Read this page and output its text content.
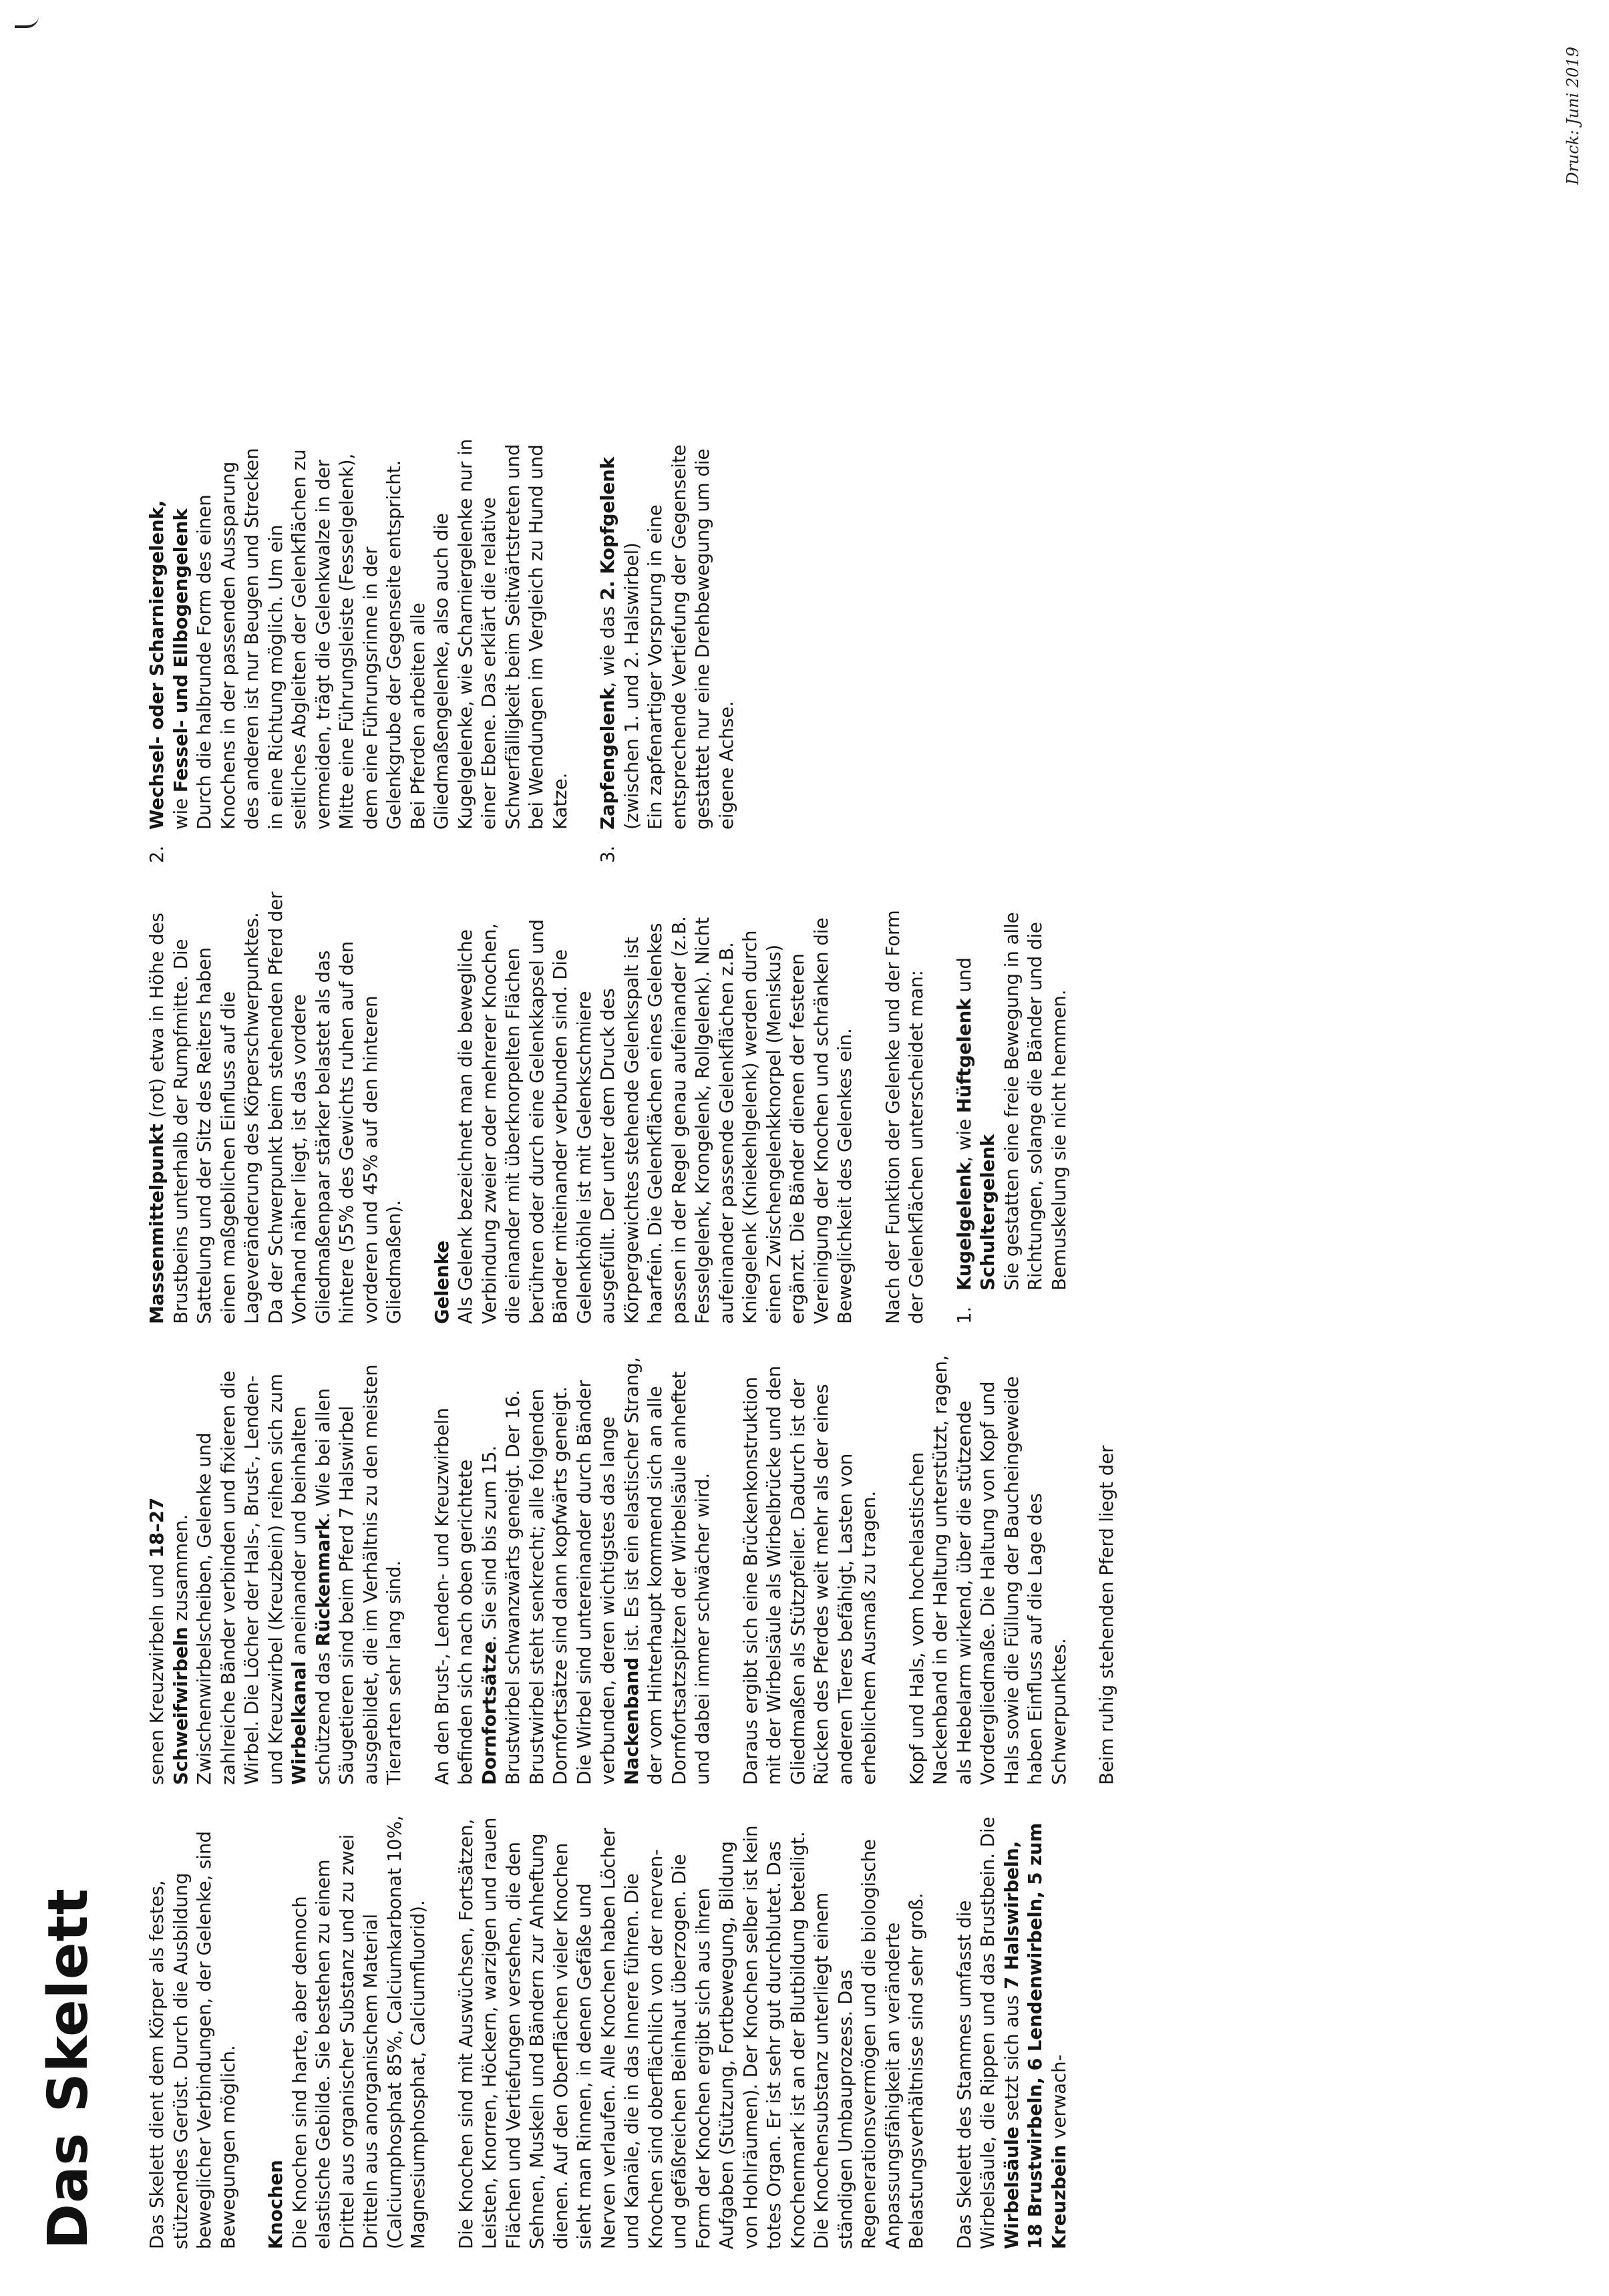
Das Skelett	Das Skelett dient dem Körper als festes, stützendes Gerüst. Durch die Ausbildung beweglicher Verbindungen, der Gelenke, sind Bewegungen möglich. Knochen Die Knochen sind harte, aber dennoch elastische Gebilde. Sie bestehen zu einem Drittel aus organischer Substanz und zu zwei Dritteln aus anorganischem Material (Calciumphosphat 85%, Calciumkarbonat 10%, Magnesiumphosphat, Calciumfluorid). Die Knochen sind mit Auswüchsen, Fortsätzen, Leisten, Knorren, Höckern, warzigen und rauen Flächen und Vertiefungen versehen, die den Sehnen, Muskeln und Bändern zur Anheftung dienen. Auf den Oberflächen vieler Knochen sieht man Rinnen, in denen Gefäße und Nerven verlaufen. Alle Knochen haben Löcher und Kanäle, die in das Innere führen. Die Knochen sind oberflächlich von der nerven- und gefäßreichen Beinhaut überzogen. Die Form der Knochen ergibt sich aus ihren Aufgaben (Stützung, Fortbewegung, Bildung von Hohlräumen). Der Knochen selber ist kein totes Organ. Er ist sehr gut durchblutet. Das Knochenmark ist an der Blutbildung beteiligt. Die Knochensubstanz unterliegt einem ständigen Umbauprozess. Das Regenerationsvermögen und die biologische Anpassungsfähigkeit an veränderte Belastungsverhältnisse sind sehr groß. Das Skelett des Stammes umfasst die Wirbelsäule, die Rippen und das Brustbein. Die Wirbelsäule setzt sich aus 7 Halswirbeln, 18 Brustwirbeln, 6 Lendenwirbeln, 5 zum Kreuzbein verwach-

senen Kreuzwirbeln und 18–27 Schweifwirbeln zusammen. Zwischenwirbelscheiben, Gelenke und zahlreiche Bänder verbinden und fixieren die Wirbel. Die Löcher der Hals-, Brust-, Lenden- und Kreuzwirbel (Kreuzbein) reihen sich zum Wirbelkanal aneinander und beinhalten schützend das Rückenmark. Wie bei allen Säugetieren sind beim Pferd 7 Halswirbel ausgebildet, die im Verhältnis zu den meisten Tierarten sehr lang sind. An den Brust-, Lenden- und Kreuzwirbeln befinden sich nach oben gerichtete Dornfortsätze. Sie sind bis zum 15. Brustwirbel schwanzwärts geneigt. Der 16. Brustwirbel steht senkrecht; alle folgenden Dornfortsätze sind dann kopfwärts geneigt. Die Wirbel sind untereinander durch Bänder verbunden, deren wichtigstes das lange Nackenband ist. Es ist ein elastischer Strang, der vom Hinterhaupt kommend sich an alle Dornfortsatzspitzen der Wirbelsäule anheftet und dabei immer schwächer wird. Daraus ergibt sich eine Brückenkonstruktion mit der Wirbelsäule als Wirbelbrücke und den Gliedmaßen als Stützpfeiler. Dadurch ist der Rücken des Pferdes weit mehr als der eines anderen Tieres befähigt, Lasten von erheblichem Ausmaß zu tragen. Kopf und Hals, vom hochelastischen Nackenband in der Haltung unterstützt, ragen, als Hebelarm wirkend, über die stützende Vordergliedmaße. Die Haltung von Kopf und Hals sowie die Füllung der Baucheingeweide haben Einfluss auf die Lage des Schwerpunktes. Beim ruhig stehenden Pferd liegt der

Massenmittelpunkt (rot) etwa in Höhe des Brustbeins unterhalb der Rumpfmitte. Die Sattelung und der Sitz des Reiters haben einen maßgeblichen Einfluss auf die Lageveränderung des Körperschwerpunktes. Da der Schwerpunkt beim stehenden Pferd der Vorhand näher liegt, ist das vordere Gliedmaßenpaar stärker belastet als das hintere (55% des Gewichts ruhen auf den vorderen und 45% auf den hinteren Gliedmaßen). Gelenke Als Gelenk bezeichnet man die bewegliche Verbindung zweier oder mehrerer Knochen, die einander mit überknorpelten Flächen berühren oder durch eine Gelenkkapsel und Bänder miteinander verbunden sind. Die Gelenkhöhle ist mit Gelenkschmiere ausgefüllt. Der unter dem Druck des Körpergewichtes stehende Gelenkspalt ist haarfein. Die Gelenkflächen eines Gelenkes passen in der Regel genau aufeinander (z.B. Fesselgelenk, Krongelenk, Rollgelenk). Nicht aufeinander passende Gelenkflächen z.B. Kniegelenk (Kniekehlgelenk) werden durch einen Zwischengelenkknorpel (Meniskus) ergänzt. Die Bänder dienen der festeren Vereinigung der Knochen und schränken die Beweglichkeit des Gelenkes ein. Nach der Funktion der Gelenke und der Form der Gelenkflächen unterscheidet man: 1.
Kugelgelenk, wie Hüftgelenk und Schultergelenk Sie gestatten eine freie Bewegung in alle Richtungen, solange die Bänder und die Bemuskelung sie nicht hemmen.
2.
Wechsel- oder Scharniergelenk, wie Fessel- und Ellbogengelenk Durch die halbrunde Form des einen Knochens in der passenden Aussparung des anderen ist nur Beugen und Strecken in eine Richtung möglich. Um ein seitliches Abgleiten der Gelenkflächen zu vermeiden, trägt die Gelenkwalze in der Mitte eine Führungsleiste (Fesselgelenk), dem eine Führungsrinne in der Gelenkgrube der Gegenseite entspricht. Bei Pferden arbeiten alle Gliedmaßengelenke, also auch die Kugelgelenke, wie Scharniergelenke nur in einer Ebene. Das erklärt die relative Schwerfälligkeit beim Seitwärtstreten und bei Wendungen im Vergleich zu Hund und Katze.
3.
Zapfengelenk, wie das 2. Kopfgelenk
(zwischen 1. und 2. Halswirbel) Ein zapfenartiger Vorsprung in eine entsprechende Vertiefung der Gegenseite gestattet nur eine Drehbewegung um die eigene Achse.
Druck: Juni 2019
